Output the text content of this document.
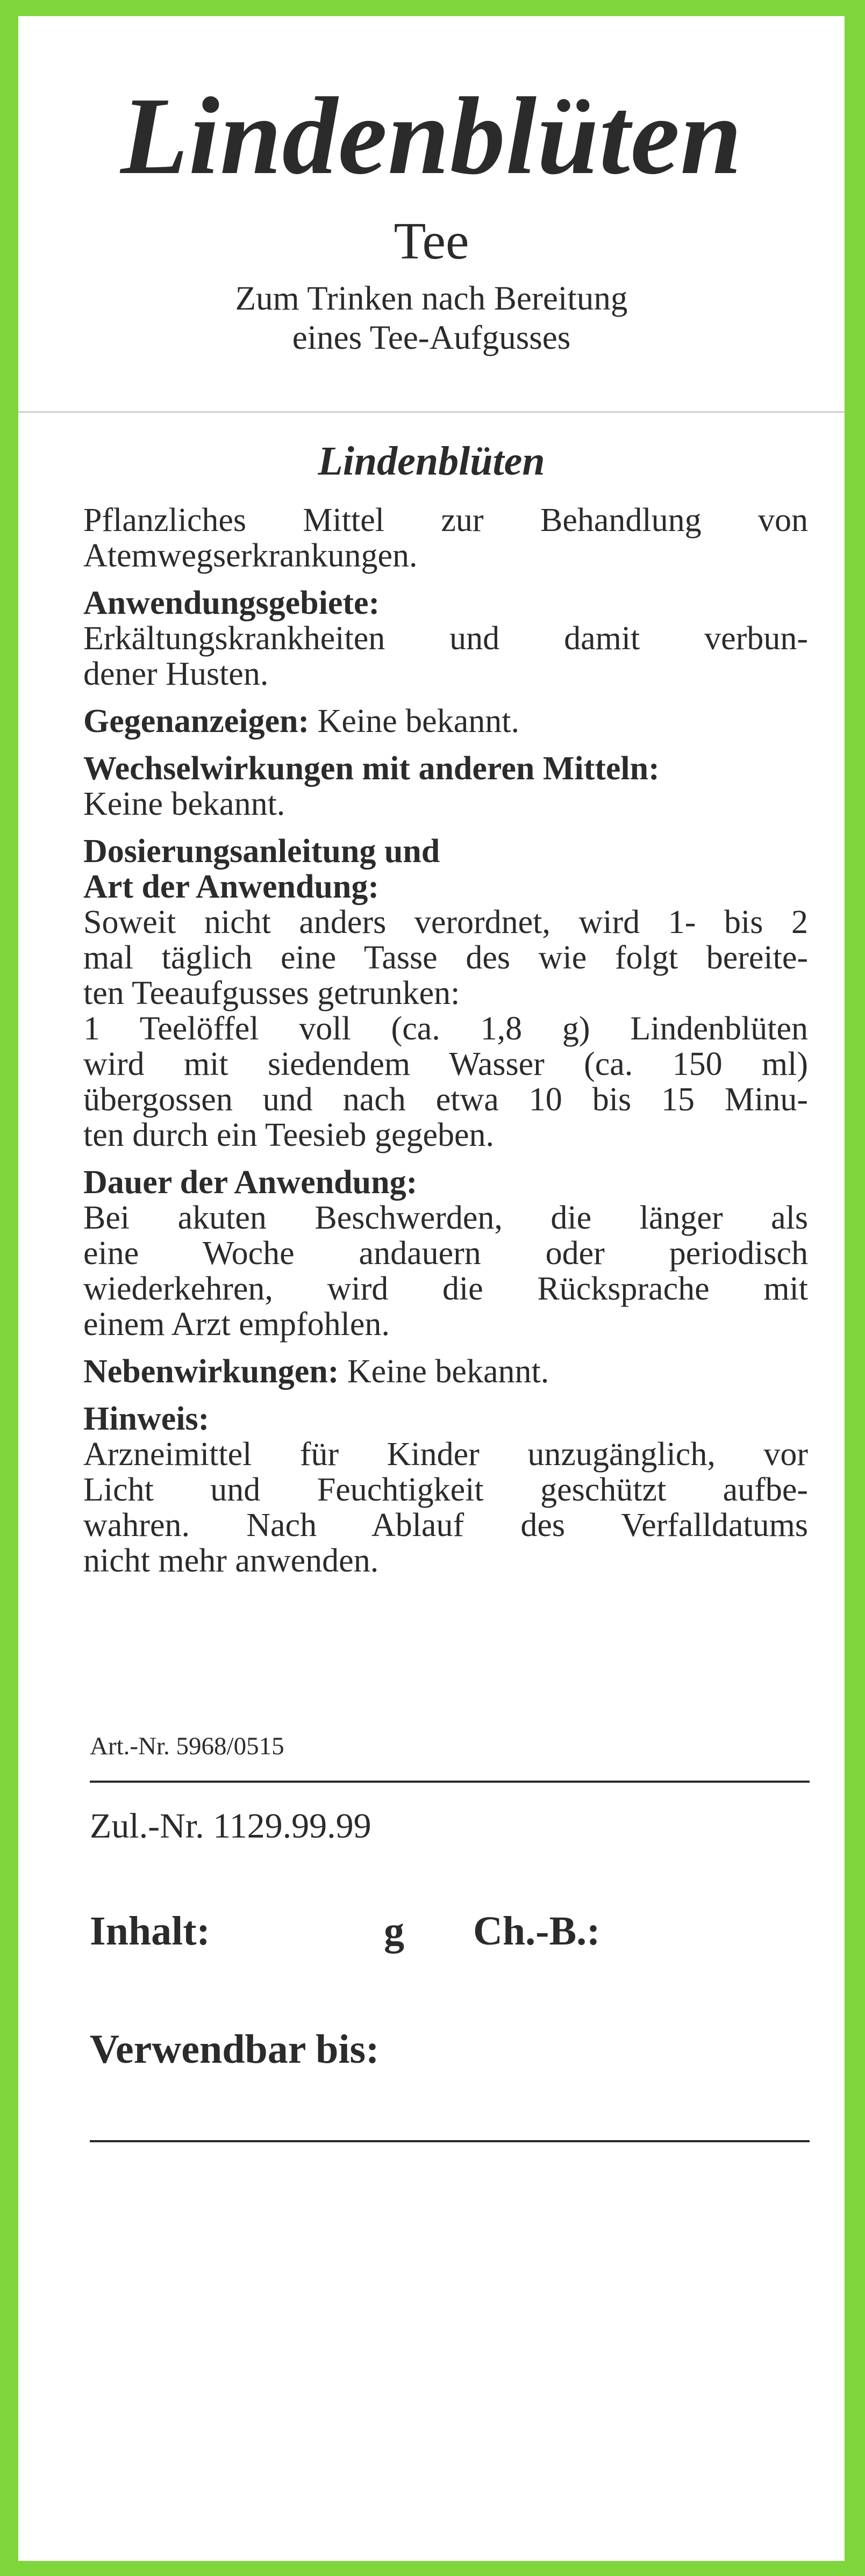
Lindenblüten
Tee
Zum Trinken nach Bereitung
eines Tee-Aufgusses
Lindenblüten

Pflanzliches Mittel zur Behandlung von

Atemwegserkrankungen.

Anwendungsgebiete:

Erkältungskrankheiten und damit verbun-

dener Husten.

Gegenanzeigen: Keine bekannt.

Wechselwirkungen mit anderen Mitteln:

Keine bekannt.

Dosierungsanleitung und

Art der Anwendung:

Soweit nicht anders verordnet, wird 1- bis 2

mal täglich eine Tasse des wie folgt bereite-

ten Teeaufgusses getrunken:

1 Teelöffel voll (ca. 1,8 g) Lindenblüten

wird mit siedendem Wasser (ca. 150 ml)

übergossen und nach etwa 10 bis 15 Minu-

ten durch ein Teesieb gegeben.

Dauer der Anwendung:

Bei akuten Beschwerden, die länger als

eine Woche andauern oder periodisch

wiederkehren, wird die Rücksprache mit

einem Arzt empfohlen.

Nebenwirkungen: Keine bekannt.

Hinweis:

Arzneimittel für Kinder unzugänglich, vor

Licht und Feuchtigkeit geschützt aufbe-

wahren. Nach Ablauf des Verfalldatums

nicht mehr anwenden.

Art.-Nr. 5968/0515
Zul.-Nr. 1129.99.99
Inhalt:	g Ch.-B.:
Verwendbar bis:
